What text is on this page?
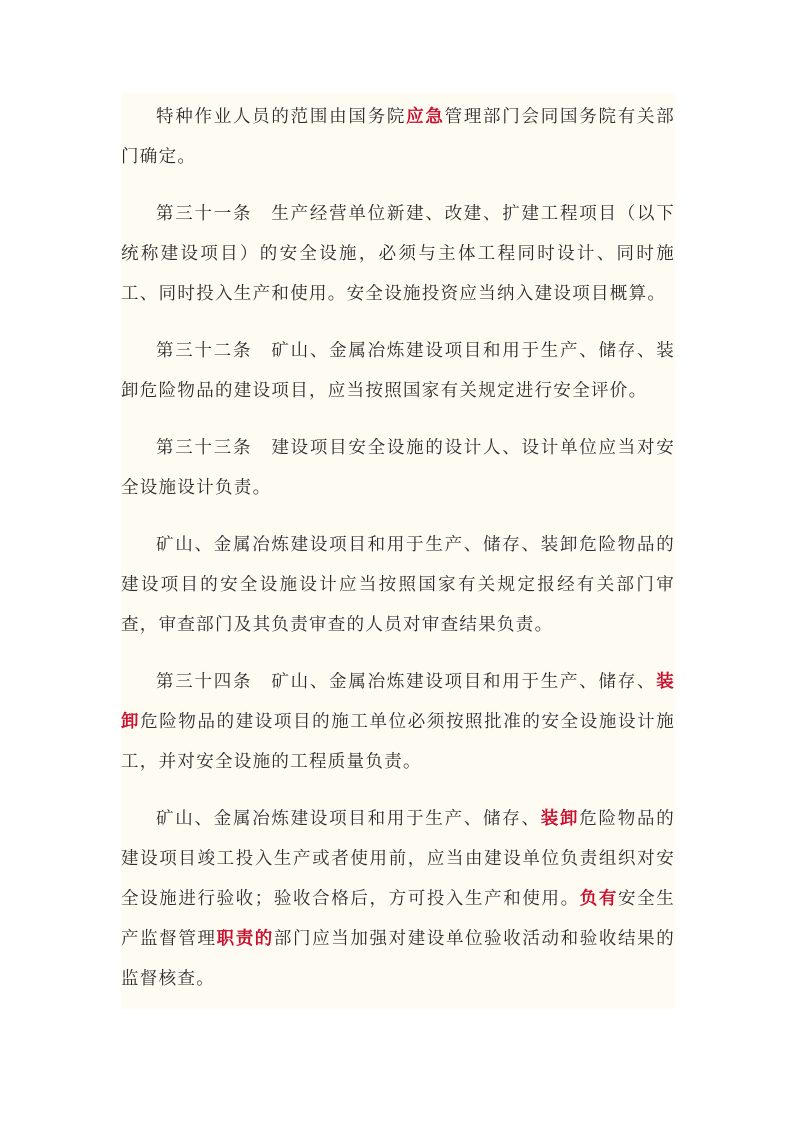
特种作业人员的范围由国务院应急管理部门会同国务院有关部门确定。

第三十一条　生产经营单位新建、改建、扩建工程项目（以下统称建设项目）的安全设施，必须与主体工程同时设计、同时施工、同时投入生产和使用。安全设施投资应当纳入建设项目概算。

第三十二条　矿山、金属冶炼建设项目和用于生产、储存、装卸危险物品的建设项目，应当按照国家有关规定进行安全评价。

第三十三条　建设项目安全设施的设计人、设计单位应当对安全设施设计负责。

矿山、金属冶炼建设项目和用于生产、储存、装卸危险物品的建设项目的安全设施设计应当按照国家有关规定报经有关部门审查，审查部门及其负责审查的人员对审查结果负责。

第三十四条　矿山、金属冶炼建设项目和用于生产、储存、装卸危险物品的建设项目的施工单位必须按照批准的安全设施设计施工，并对安全设施的工程质量负责。

矿山、金属冶炼建设项目和用于生产、储存、装卸危险物品的建设项目竣工投入生产或者使用前，应当由建设单位负责组织对安全设施进行验收；验收合格后，方可投入生产和使用。负有安全生产监督管理职责的部门应当加强对建设单位验收活动和验收结果的监督核查。
